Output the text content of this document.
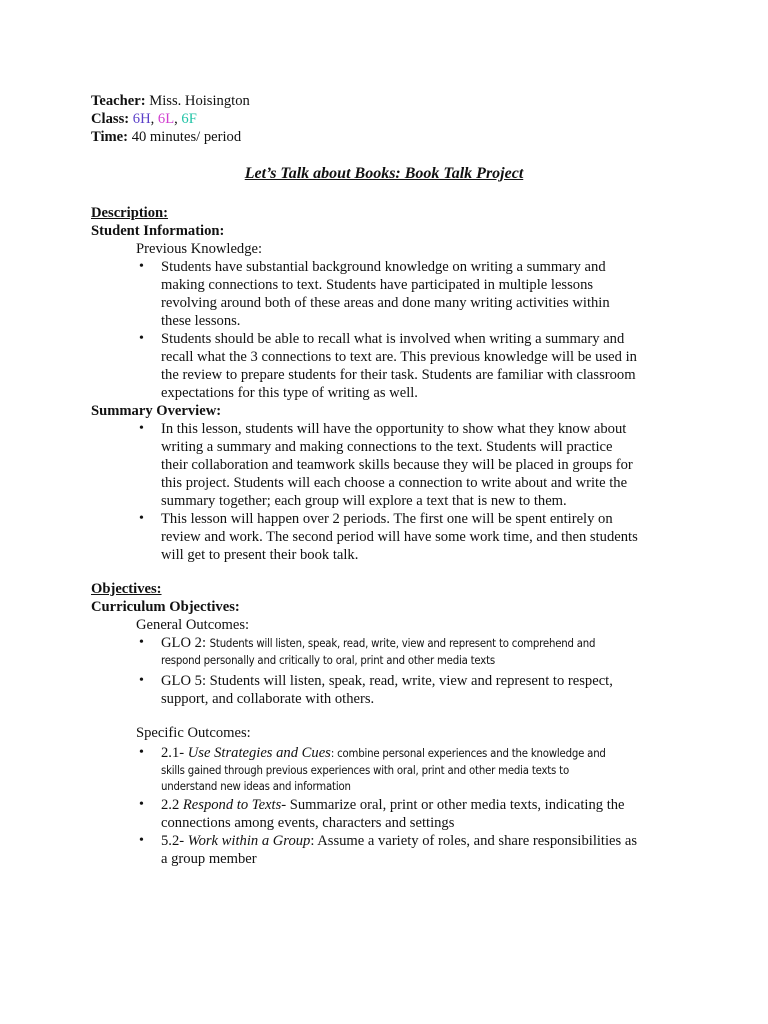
Teacher: Miss. Hoisington
Class: 6H, 6L, 6F
Time: 40 minutes/ period
Let’s Talk about Books: Book Talk Project
Description:
Student Information:
Previous Knowledge:
• Students have substantial background knowledge on writing a summary and
making connections to text. Students have participated in multiple lessons
revolving around both of these areas and done many writing activities within
these lessons.
• Students should be able to recall what is involved when writing a summary and
recall what the 3 connections to text are. This previous knowledge will be used in
the review to prepare students for their task. Students are familiar with classroom
expectations for this type of writing as well.
Summary Overview:
• In this lesson, students will have the opportunity to show what they know about
writing a summary and making connections to the text. Students will practice
their collaboration and teamwork skills because they will be placed in groups for
this project. Students will each choose a connection to write about and write the
summary together; each group will explore a text that is new to them.
• This lesson will happen over 2 periods. The first one will be spent entirely on
review and work. The second period will have some work time, and then students
will get to present their book talk.
Objectives:
Curriculum Objectives:
General Outcomes:
• GLO 2: Students will listen, speak, read, write, view and represent to comprehend and
respond personally and critically to oral, print and other media texts
• GLO 5: Students will listen, speak, read, write, view and represent to respect,
support, and collaborate with others.
Specific Outcomes:
• 2.1- Use Strategies and Cues: combine personal experiences and the knowledge and
skills gained through previous experiences with oral, print and other media texts to
understand new ideas and information
• 2.2 Respond to Texts- Summarize oral, print or other media texts, indicating the
connections among events, characters and settings
• 5.2- Work within a Group: Assume a variety of roles, and share responsibilities as
a group member
